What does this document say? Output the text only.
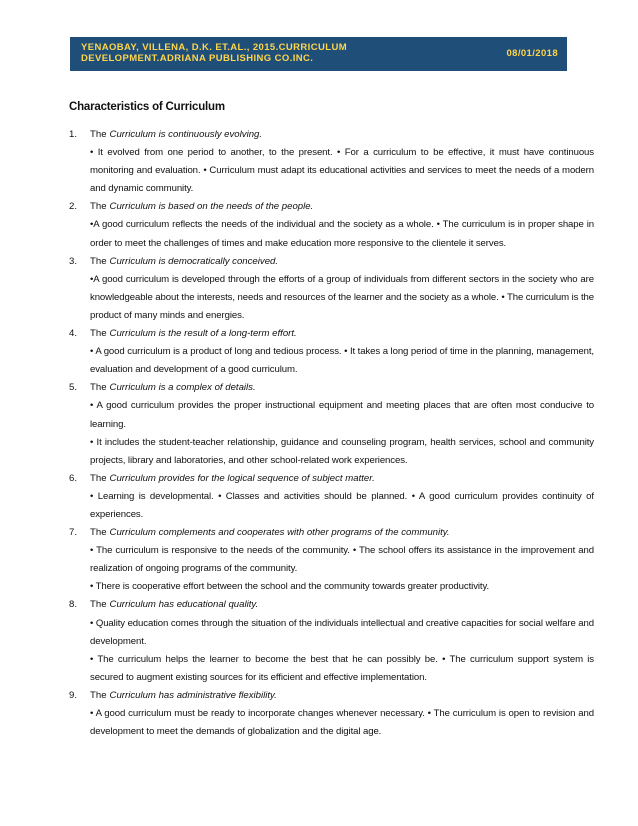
YENAOBAY, VILLENA, D.K. ET.AL., 2015.CURRICULUM DEVELOPMENT.ADRIANA PUBLISHING CO.INC.	08/01/2018
Characteristics of Curriculum
1.	The Curriculum is continuously evolving.
• It evolved from one period to another, to the present. • For a curriculum to be effective, it must have continuous monitoring and evaluation. • Curriculum must adapt its educational activities and services to meet the needs of a modern and dynamic community.
2.	The Curriculum is based on the needs of the people.
•A good curriculum reflects the needs of the individual and the society as a whole. • The curriculum is in proper shape in order to meet the challenges of times and make education more responsive to the clientele it serves.
3.	The Curriculum is democratically conceived.
•A good curriculum is developed through the efforts of a group of individuals from different sectors in the society who are knowledgeable about the interests, needs and resources of the learner and the society as a whole. • The curriculum is the product of many minds and energies.
4.	The Curriculum is the result of a long-term effort.
• A good curriculum is a product of long and tedious process. • It takes a long period of time in the planning, management, evaluation and development of a good curriculum.
5.	The Curriculum is a complex of details.
• A good curriculum provides the proper instructional equipment and meeting places that are often most conducive to learning.
• It includes the student-teacher relationship, guidance and counseling program, health services, school and community projects, library and laboratories, and other school-related work experiences.
6.	The Curriculum provides for the logical sequence of subject matter.
• Learning is developmental. • Classes and activities should be planned. • A good curriculum provides continuity of experiences.
7.	The Curriculum complements and cooperates with other programs of the community.
• The curriculum is responsive to the needs of the community. • The school offers its assistance in the improvement and realization of ongoing programs of the community.
• There is cooperative effort between the school and the community towards greater productivity.
8.	The Curriculum has educational quality.
• Quality education comes through the situation of the individuals intellectual and creative capacities for social welfare and development.
• The curriculum helps the learner to become the best that he can possibly be. • The curriculum support system is secured to augment existing sources for its efficient and effective implementation.
9.	The Curriculum has administrative flexibility.
• A good curriculum must be ready to incorporate changes whenever necessary. • The curriculum is open to revision and development to meet the demands of globalization and the digital age.
